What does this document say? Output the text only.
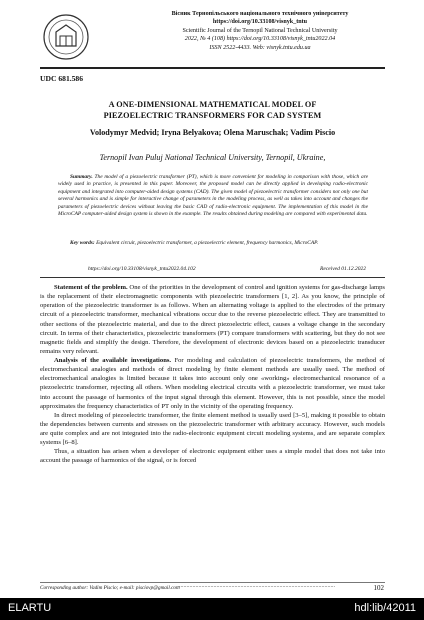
Вісник Тернопільського національного технічного університету
https://doi.org/10.33108/visnyk_tntu
Scientific Journal of the Ternopil National Technical University
2022, № 4 (108) https://doi.org/10.33108/visnyk_tntu2022.04
ISSN 2522-4433. Web: visnyk.tntu.edu.ua
UDC 681.586
A ONE-DIMENSIONAL MATHEMATICAL MODEL OF
PIEZOELECTRIC TRANSFORMERS FOR CAD SYSTEM
Volodymyr Medvid; Iryna Belyakova; Olena Maruschak; Vadim Piscio
Ternopil Ivan Puluj National Technical University, Ternopil, Ukraine,

Summary. The model of a piezoelectric transformer (PT), which is more convenient for modeling in comparison with those, which are widely used in practice, is presented in this paper. Moreover, the proposed model can be directly applied in developing radio-electronic equipment and integrated into computer-aided design systems (CAD). The given model of piezoelectric transformer considers not only one but several harmonics and is simple for interactive change of parameters in the modeling process, as well as takes into account and changes the parameters of piezoelectric devices without leaving the basic CAD of radio-electronic equipment. The implementation of this model in the MicroCAP computer-aided design system is shown in the example. The results obtained during modeling are compared with experimental data.

Key words: Equivalent circuit, piezoelectric transformer, a piezoelectric element, frequency harmonics, MicroCAP.

https://doi.org/10.33108/visnyk_tntu2022.04.102	Received 01.12.2022

Statement of the problem. One of the priorities in the development of control and ignition systems for gas-discharge lamps is the replacement of their electromagnetic components with piezoelectric transformers [1, 2]. As you know, the principle of operation of the piezoelectric transformer is as follows. When an alternating voltage is applied to the electrodes of the primary circuit of a piezoelectric transformer, mechanical vibrations occur due to the reverse piezoelectric effect. They are transmitted to other sections of the piezoelectric material, and due to the direct piezoelectric effect, causes a voltage change in the secondary circuit. In terms of their characteristics, piezoelectric transformers (PT) compare transformers with scattering, but they do not see magnetic fields and simplify the design. Therefore, the development of electronic devices based on a piezoelectric transducer remains very relevant.

Analysis of the available investigations. For modeling and calculation of piezoelectric transformers, the method of electromechanical analogies and methods of direct modeling by finite element methods are usually used. The method of electromechanical analogies is limited because it takes into account only one «working» electromechanical resonance of a piezoelectric transformer, rejecting all others. When modeling electrical circuits with a piezoelectric transformer, we must take into account the passage of harmonics of the input signal through this element. However, this is not possible, since the model approximates the frequency characteristics of PT only in the vicinity of the operating frequency.

In direct modeling of piezoelectric transformer, the finite element method is usually used [3–5], making it possible to obtain the dependencies between currents and stresses on the piezoelectric transformer with arbitrary accuracy. However, such models are quite complex and are not integrated into the radio-electronic equipment circuit modeling systems, and are separate complex systems [6–8].

Thus, a situation has arisen when a developer of electronic equipment either uses a simple model that does not take into account the passage of harmonics of the signal, or is forced

Corresponding author: Vadim Piscio; e-mail: pisciovp@gmail.com
..........................................................................................................	102
ELARTU	hdl:lib/42011
